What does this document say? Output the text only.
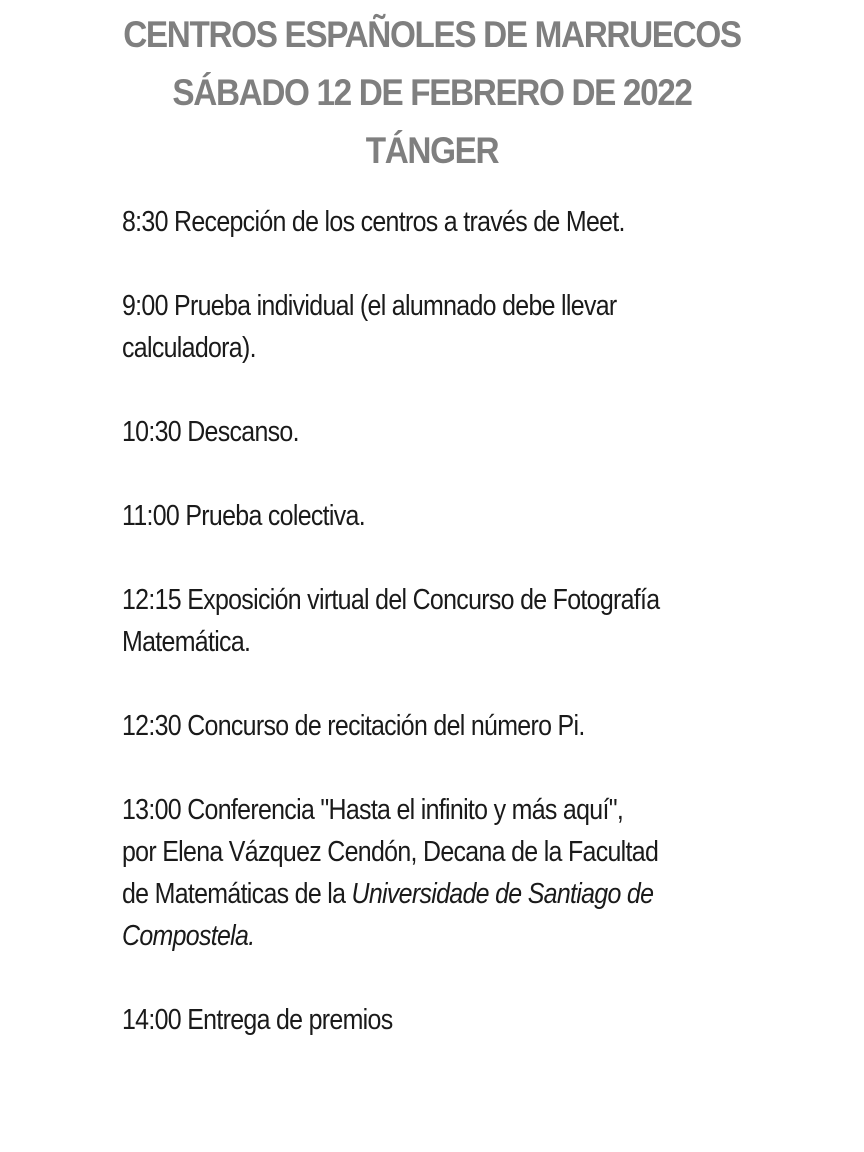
CENTROS ESPAÑOLES DE MARRUECOS
SÁBADO 12 DE FEBRERO DE 2022
TÁNGER
8:30 Recepción de los centros a través de Meet.
9:00 Prueba individual (el alumnado debe llevar
calculadora).
10:30 Descanso.
11:00 Prueba colectiva.
12:15 Exposición virtual del Concurso de Fotografía
Matemática.
12:30 Concurso de recitación del número Pi.
13:00 Conferencia "Hasta el infinito y más aquí",
por Elena Vázquez Cendón, Decana de la Facultad
de Matemáticas de la Universidade de Santiago de
Compostela.
14:00 Entrega de premios
